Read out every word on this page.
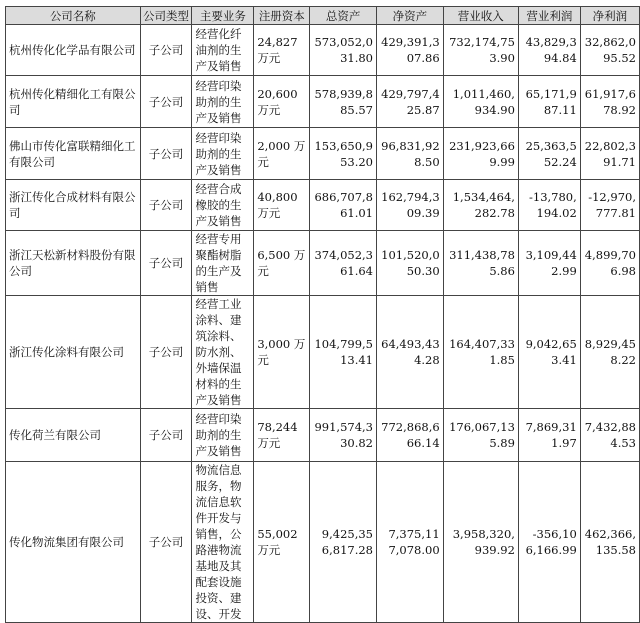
公司名称	公司类型	主要业务	注册资本	总资产	净资产	营业收入	营业利润	净利润
杭州传化化学品有限公司	子公司	经营化纤油剂的生产及销售	24,827 万元	573,052,031.80	429,391,307.86	732,174,753.90	43,829,394.84	32,862,095.52
杭州传化精细化工有限公司	子公司	经营印染助剂的生产及销售	20,600 万元	578,939,885.57	429,797,425.87	1,011,460,934.90	65,171,987.11	61,917,678.92
佛山市传化富联精细化工有限公司	子公司	经营印染助剂的生产及销售	2,000 万元	153,650,953.20	96,831,928.50	231,923,669.99	25,363,552.24	22,802,391.71
浙江传化合成材料有限公司	子公司	经营合成橡胶的生产及销售	40,800 万元	686,707,861.01	162,794,309.39	1,534,464,282.78	-13,780,194.02	-12,970,777.81
浙江天松新材料股份有限公司	子公司	经营专用聚酯树脂的生产及销售	6,500 万元	374,052,361.64	101,520,050.30	311,438,785.86	3,109,442.99	4,899,706.98
浙江传化涂料有限公司	子公司	经营工业涂料、建筑涂料、防水剂、外墙保温材料的生产及销售	3,000 万元	104,799,513.41	64,493,434.28	164,407,331.85	9,042,653.41	8,929,458.22
传化荷兰有限公司	子公司	经营印染助剂的生产及销售	78,244 万元	991,574,330.82	772,868,666.14	176,067,135.89	7,869,311.97	7,432,884.53
传化物流集团有限公司	子公司	物流信息服务，物流信息软件开发与销售，公路港物流基地及其配套设施投资、建设、开发	55,002 万元	9,425,356,817.28	7,375,117,078.00	3,958,320,939.92	-356,106,166.99	462,366,135.58
